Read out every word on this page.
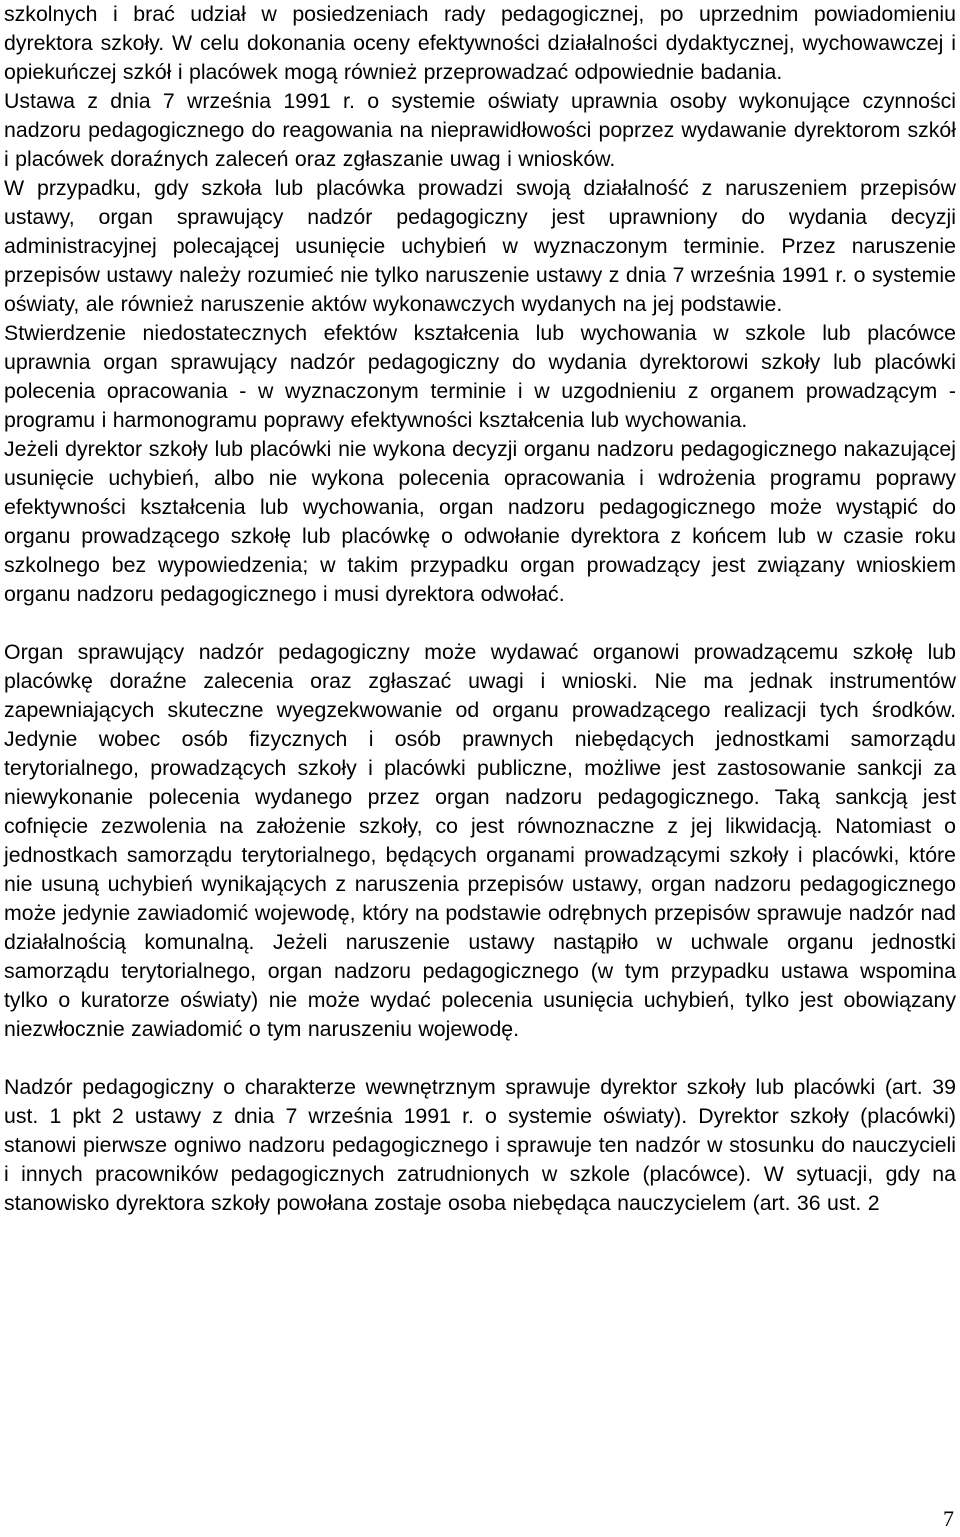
szkolnych i brać udział w posiedzeniach rady pedagogicznej, po uprzednim powiadomieniu dyrektora szkoły. W celu dokonania oceny efektywności działalności dydaktycznej, wychowawczej i opiekuńczej szkół i placówek mogą również przeprowadzać odpowiednie badania.

Ustawa z dnia 7 września 1991 r. o systemie oświaty uprawnia osoby wykonujące czynności nadzoru pedagogicznego do reagowania na nieprawidłowości poprzez wydawanie dyrektorom szkół i placówek doraźnych zaleceń oraz zgłaszanie uwag i wniosków.

W przypadku, gdy szkoła lub placówka prowadzi swoją działalność z naruszeniem przepisów ustawy, organ sprawujący nadzór pedagogiczny jest uprawniony do wydania decyzji administracyjnej polecającej usunięcie uchybień w wyznaczonym terminie. Przez naruszenie przepisów ustawy należy rozumieć nie tylko naruszenie ustawy z dnia 7 września 1991 r. o systemie oświaty, ale również naruszenie aktów wykonawczych wydanych na jej podstawie.

Stwierdzenie niedostatecznych efektów kształcenia lub wychowania w szkole lub placówce uprawnia organ sprawujący nadzór pedagogiczny do wydania dyrektorowi szkoły lub placówki polecenia opracowania - w wyznaczonym terminie i w uzgodnieniu z organem prowadzącym - programu i harmonogramu poprawy efektywności kształcenia lub wychowania.

Jeżeli dyrektor szkoły lub placówki nie wykona decyzji organu nadzoru pedagogicznego nakazującej usunięcie uchybień, albo nie wykona polecenia opracowania i wdrożenia programu poprawy efektywności kształcenia lub wychowania, organ nadzoru pedagogicznego może wystąpić do organu prowadzącego szkołę lub placówkę o odwołanie dyrektora z końcem lub w czasie roku szkolnego bez wypowiedzenia; w takim przypadku organ prowadzący jest związany wnioskiem organu nadzoru pedagogicznego i musi dyrektora odwołać.

Organ sprawujący nadzór pedagogiczny może wydawać organowi prowadzącemu szkołę lub placówkę doraźne zalecenia oraz zgłaszać uwagi i wnioski. Nie ma jednak instrumentów zapewniających skuteczne wyegzekwowanie od organu prowadzącego realizacji tych środków. Jedynie wobec osób fizycznych i osób prawnych niebędących jednostkami samorządu terytorialnego, prowadzących szkoły i placówki publiczne, możliwe jest zastosowanie sankcji za niewykonanie polecenia wydanego przez organ nadzoru pedagogicznego. Taką sankcją jest cofnięcie zezwolenia na założenie szkoły, co jest równoznaczne z jej likwidacją. Natomiast o jednostkach samorządu terytorialnego, będących organami prowadzącymi szkoły i placówki, które nie usuną uchybień wynikających z naruszenia przepisów ustawy, organ nadzoru pedagogicznego może jedynie zawiadomić wojewodę, który na podstawie odrębnych przepisów sprawuje nadzór nad działalnością komunalną. Jeżeli naruszenie ustawy nastąpiło w uchwale organu jednostki samorządu terytorialnego, organ nadzoru pedagogicznego (w tym przypadku ustawa wspomina tylko o kuratorze oświaty) nie może wydać polecenia usunięcia uchybień, tylko jest obowiązany niezwłocznie zawiadomić o tym naruszeniu wojewodę.

Nadzór pedagogiczny o charakterze wewnętrznym sprawuje dyrektor szkoły lub placówki (art. 39 ust. 1 pkt 2 ustawy z dnia 7 września 1991 r. o systemie oświaty). Dyrektor szkoły (placówki) stanowi pierwsze ogniwo nadzoru pedagogicznego i sprawuje ten nadzór w stosunku do nauczycieli i innych pracowników pedagogicznych zatrudnionych w szkole (placówce). W sytuacji, gdy na stanowisko dyrektora szkoły powołana zostaje osoba niebędąca nauczycielem (art. 36 ust. 2

7
